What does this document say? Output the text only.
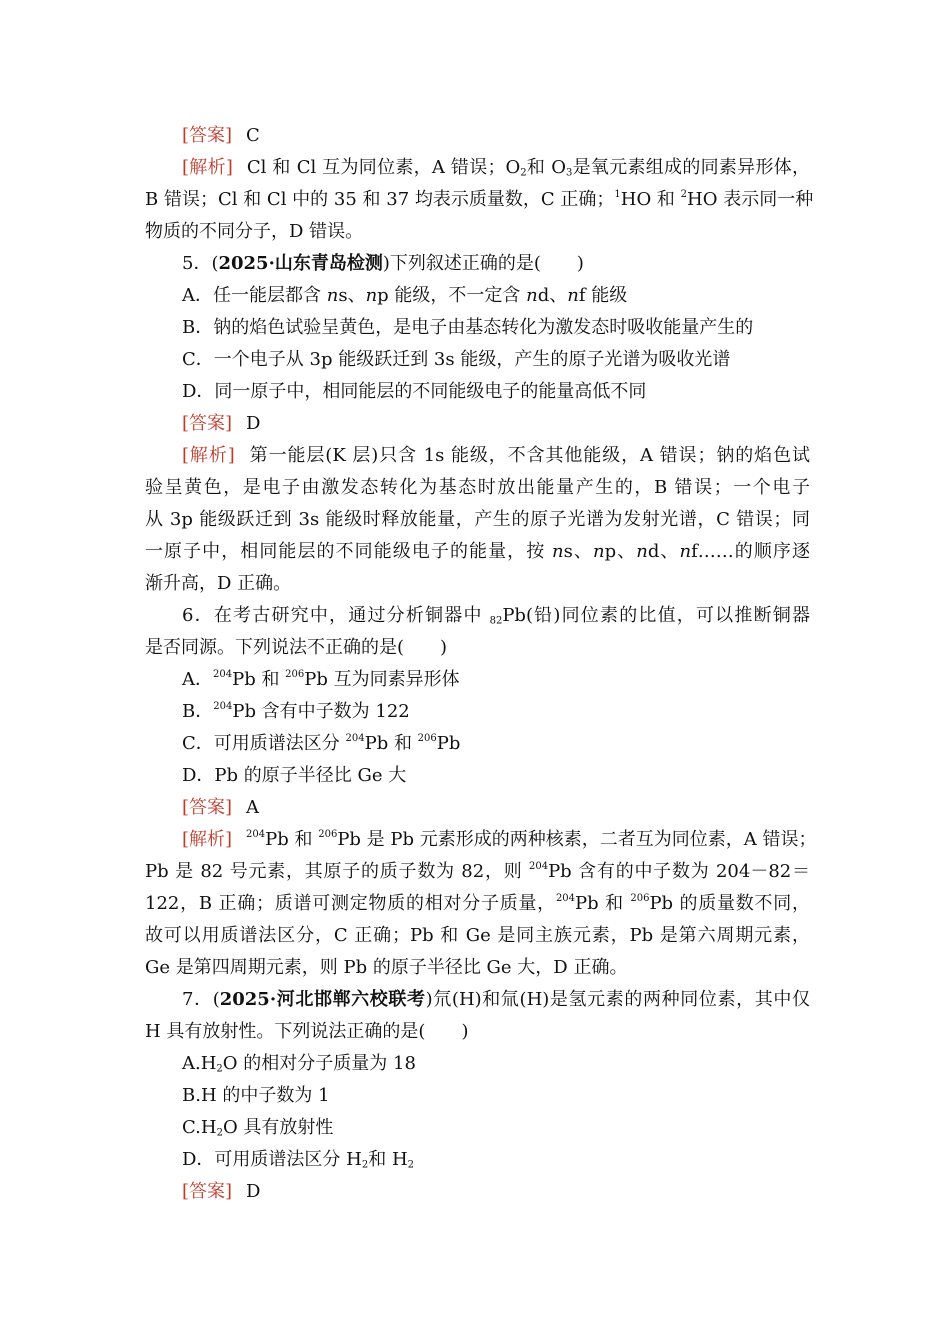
[答案] C
[解析] Cl 和 Cl 互为同位素，A 错误；$O_2$和 $O_3$是氧元素组成的同素异形体，
B 错误；Cl 和 Cl 中的 35 和 37 均表示质量数，C 正确；$^1$HO 和 $^2$HO 表示同一种
物质的不同分子，D 错误。
5．(2025·山东青岛检测)下列叙述正确的是(　　)
A．任一能层都含 ns、np 能级，不一定含 nd、nf 能级
B．钠的焰色试验呈黄色，是电子由基态转化为激发态时吸收能量产生的
C．一个电子从 3p 能级跃迁到 3s 能级，产生的原子光谱为吸收光谱
D．同一原子中，相同能层的不同能级电子的能量高低不同
[答案] D
[解析] 第一能层(K 层)只含 1s 能级，不含其他能级，A 错误；钠的焰色试
验呈黄色，是电子由激发态转化为基态时放出能量产生的，B 错误；一个电子
从 3p 能级跃迁到 3s 能级时释放能量，产生的原子光谱为发射光谱，C 错误；同
一原子中，相同能层的不同能级电子的能量，按 ns、np、nd、nf……的顺序逐
渐升高，D 正确。
6．在考古研究中，通过分析铜器中 $_{82}$Pb(铅)同位素的比值，可以推断铜器
是否同源。下列说法不正确的是(　　)
A．$^{204}$Pb 和 $^{206}$Pb 互为同素异形体
B．$^{204}$Pb 含有中子数为 122
C．可用质谱法区分 $^{204}$Pb 和 $^{206}$Pb
D．Pb 的原子半径比 Ge 大
[答案] A
[解析] $^{204}$Pb 和 $^{206}$Pb 是 Pb 元素形成的两种核素，二者互为同位素，A 错误；
Pb 是 82 号元素，其原子的质子数为 82，则 $^{204}$Pb 含有的中子数为 204－82＝
122，B 正确；质谱可测定物质的相对分子质量，$^{204}$Pb 和 $^{206}$Pb 的质量数不同，
故可以用质谱法区分，C 正确；Pb 和 Ge 是同主族元素，Pb 是第六周期元素，
Ge 是第四周期元素，则 Pb 的原子半径比 Ge 大，D 正确。
7．(2025·河北邯郸六校联考)氘(H)和氚(H)是氢元素的两种同位素，其中仅
H 具有放射性。下列说法正确的是(　　)
$A.H_2O$ 的相对分子质量为 18
B.H 的中子数为 1
$C.H_2O$ 具有放射性
D．可用质谱法区分 $H_2$和 $H_2$
[答案] D
